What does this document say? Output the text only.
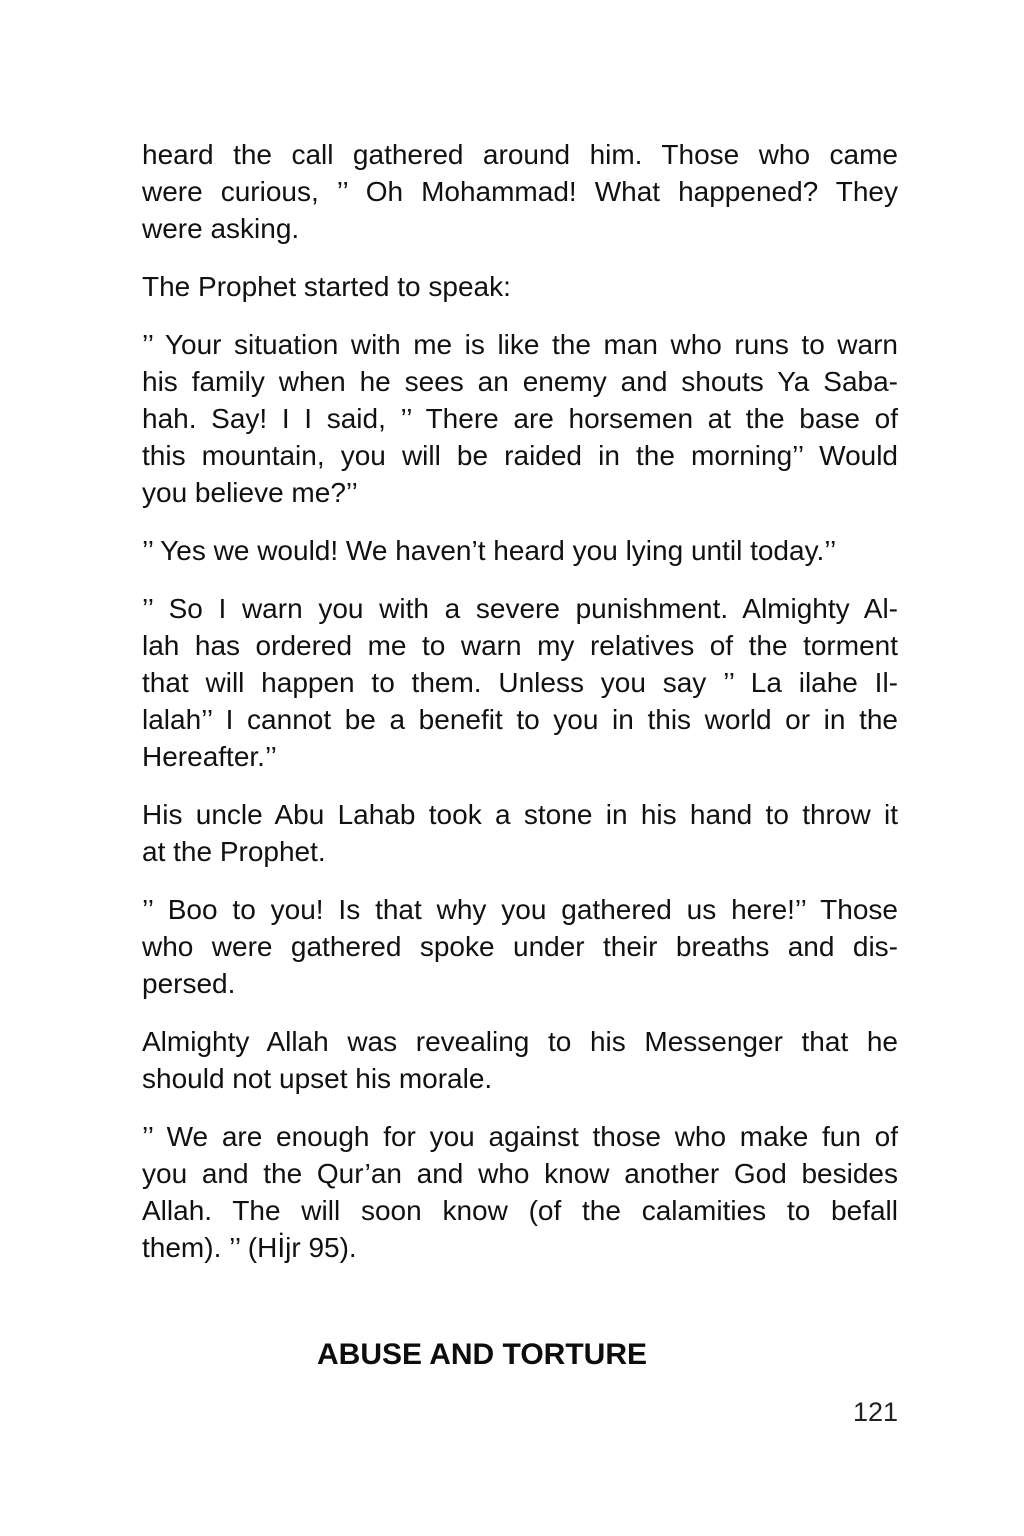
heard the call gathered around him. Those who came
were curious, ’’ Oh Mohammad! What happened? They
were asking.
The Prophet started to speak:
’’ Your situation with me is like the man who runs to warn
his family when he sees an enemy and shouts Ya Saba-
hah. Say! I I said, ’’ There are horsemen at the base of
this mountain, you will be raided in the morning’’ Would
you believe me?’’
’’ Yes we would! We haven’t heard you lying until today.’’
’’ So I warn you with a severe punishment. Almighty Al-
lah has ordered me to warn my relatives of the torment
that will happen to them. Unless you say ’’ La ilahe Il-
lalah’’ I cannot be a benefit to you in this world or in the
Hereafter.’’
His uncle Abu Lahab took a stone in his hand to throw it
at the Prophet.
’’ Boo to you! Is that why you gathered us here!’’ Those
who were gathered spoke under their breaths and dis-
persed.
Almighty Allah was revealing to his Messenger that he
should not upset his morale.
’’ We are enough for you against those who make fun of
you and the Qur’an and who know another God besides
Allah. The will soon know (of the calamities to befall
them). ’’ (Hİjr 95).
ABUSE AND TORTURE
121
